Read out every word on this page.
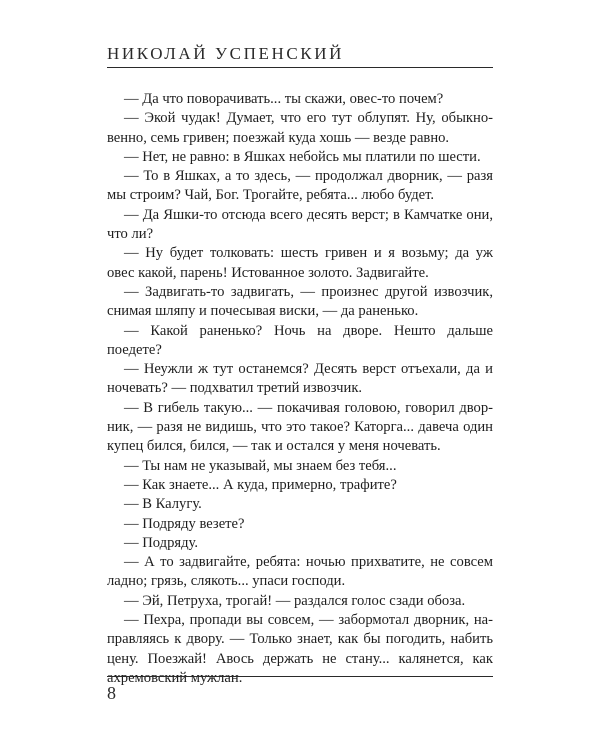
НИКОЛАЙ УСПЕНСКИЙ

— Да что поворачивать... ты скажи, овес-то почем?

— Экой чудак! Думает, что его тут облупят. Ну, обыкновенно, семь гривен; поезжай куда хошь — везде равно.

— Нет, не равно: в Яшках небойсь мы платили по шести.

— То в Яшках, а то здесь, — продолжал дворник, — разя мы строим? Чай, Бог. Трогайте, ребята... любо будет.

— Да Яшки-то отсюда всего десять верст; в Камчатке они, что ли?

— Ну будет толковать: шесть гривен и я возьму; да уж овес какой, парень! Истованное золото. Задвигайте.

— Задвигать-то задвигать, — произнес другой извозчик, снимая шляпу и почесывая виски, — да раненько.

— Какой раненько? Ночь на дворе. Нешто дальше поедете?

— Неужли ж тут останемся? Десять верст отъехали, да и ночевать? — подхватил третий извозчик.

— В гибель такую... — покачивая головою, говорил дворник, — разя не видишь, что это такое? Каторга... давеча один купец бился, бился, — так и остался у меня ночевать.

— Ты нам не указывай, мы знаем без тебя...

— Как знаете... А куда, примерно, трафите?

— В Калугу.

— Подряду везете?

— Подряду.

— А то задвигайте, ребята: ночью прихватите, не совсем ладно; грязь, слякоть... упаси господи.

— Эй, Петруха, трогай! — раздался голос сзади обоза.

— Пехра, пропади вы совсем, — забормотал дворник, направляясь к двору. — Только знает, как бы погодить, набить цену. Поезжай! Авось держать не стану... калянется, как ахремовский мужлан.

8
